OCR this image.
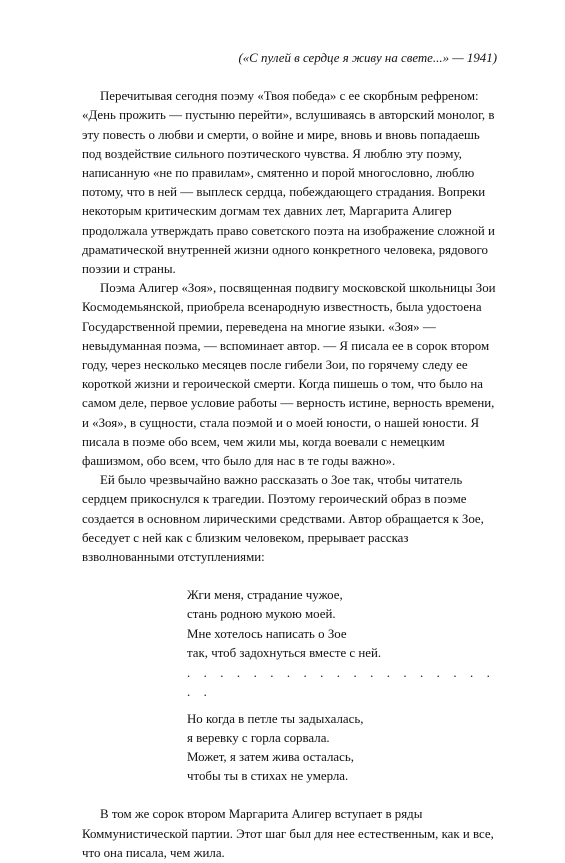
(«С пулей в сердце я живу на свете...» — 1941)

Перечитывая сегодня поэму «Твоя победа» с ее скорбным рефреном: «День прожить — пустыню перейти», вслушиваясь в авторский монолог, в эту повесть о любви и смерти, о войне и мире, вновь и вновь попадаешь под воздействие сильного поэтического чувства. Я люблю эту поэму, написанную «не по правилам», смятенно и порой многословно, люблю потому, что в ней — выплеск сердца, побеждающего страдания. Вопреки некоторым критическим догмам тех давних лет, Маргарита Алигер продолжала утверждать право советского поэта на изображение сложной и драматической внутренней жизни одного конкретного человека, рядового поэзии и страны.

Поэма Алигер «Зоя», посвященная подвигу московской школьницы Зои Космодемьянской, приобрела всенародную известность, была удостоена Государственной премии, переведена на многие языки. «Зоя» — невыдуманная поэма, — вспоминает автор. — Я писала ее в сорок втором году, через несколько месяцев после гибели Зои, по горячему следу ее короткой жизни и героической смерти. Когда пишешь о том, что было на самом деле, первое условие работы — верность истине, верность времени, и «Зоя», в сущности, стала поэмой и о моей юности, о нашей юности. Я писала в поэме обо всем, чем жили мы, когда воевали с немецким фашизмом, обо всем, что было для нас в те годы важно».

Ей было чрезвычайно важно рассказать о Зое так, чтобы читатель сердцем прикоснулся к трагедии. Поэтому героический образ в поэме создается в основном лирическими средствами. Автор обращается к Зое, беседует с ней как с близким человеком, прерывает рассказ взволнованными отступлениями:

Жги меня, страдание чужое,
стань родною мукою моей.
Мне хотелось написать о Зое
так, чтоб задохнуться вместе с ней.
. . . . . . . . . . . . . . . . . . . . .
Но когда в петле ты задыхалась,
я веревку с горла сорвала.
Может, я затем жива осталась,
чтобы ты в стихах не умерла.

В том же сорок втором Маргарита Алигер вступает в ряды Коммунистической партии. Этот шаг был для нее естественным, как и все, что она писала, чем жила.
